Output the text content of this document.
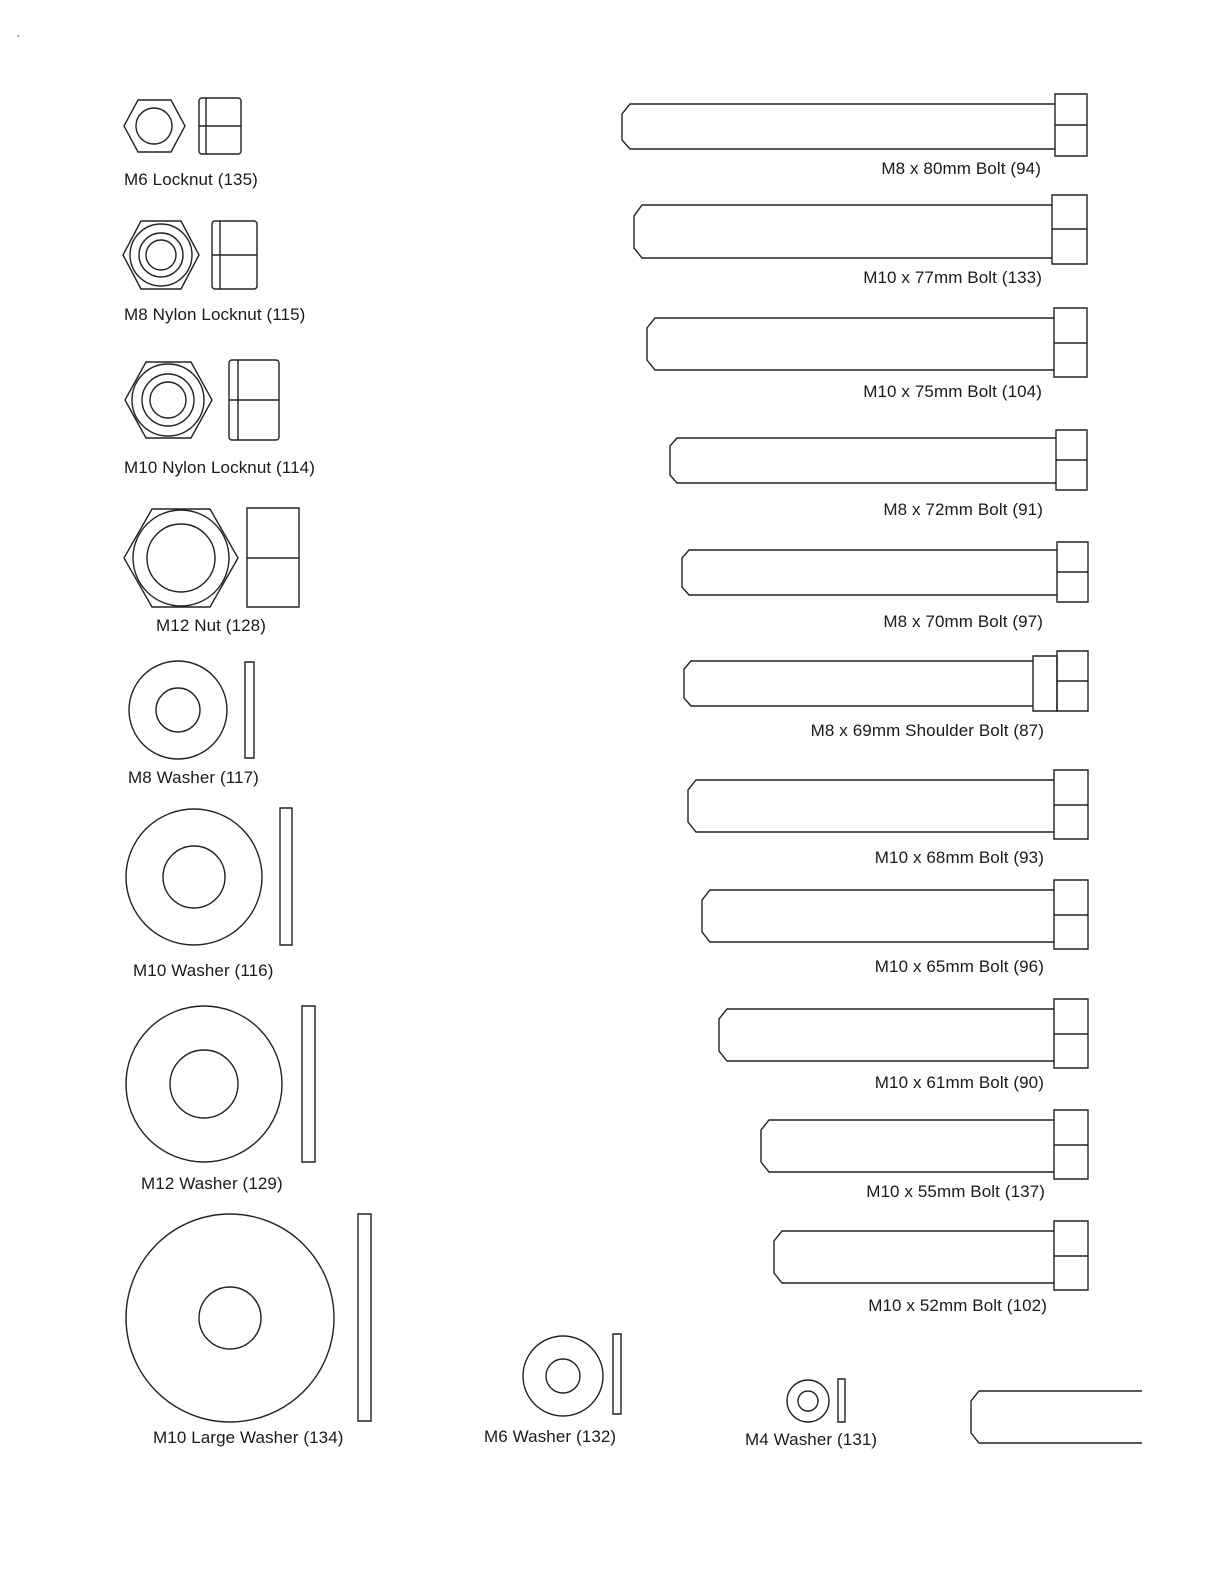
M6 Locknut (135)
M8 Nylon Locknut (115)
M10 Nylon Locknut (114)
M12 Nut (128)
M8 Washer (117)
M10 Washer (116)
M12 Washer (129)
M10 Large Washer (134)
M8 x 80mm Bolt (94)
M10 x 77mm Bolt (133)
M10 x 75mm Bolt (104)
M8 x 72mm Bolt (91)
M8 x 70mm Bolt (97)
M8 x 69mm Shoulder Bolt (87)
M10 x 68mm Bolt (93)
M10 x 65mm Bolt (96)
M10 x 61mm Bolt (90)
M10 x 55mm Bolt (137)
M10 x 52mm Bolt (102)
M6 Washer (132)	M4 Washer (131)
